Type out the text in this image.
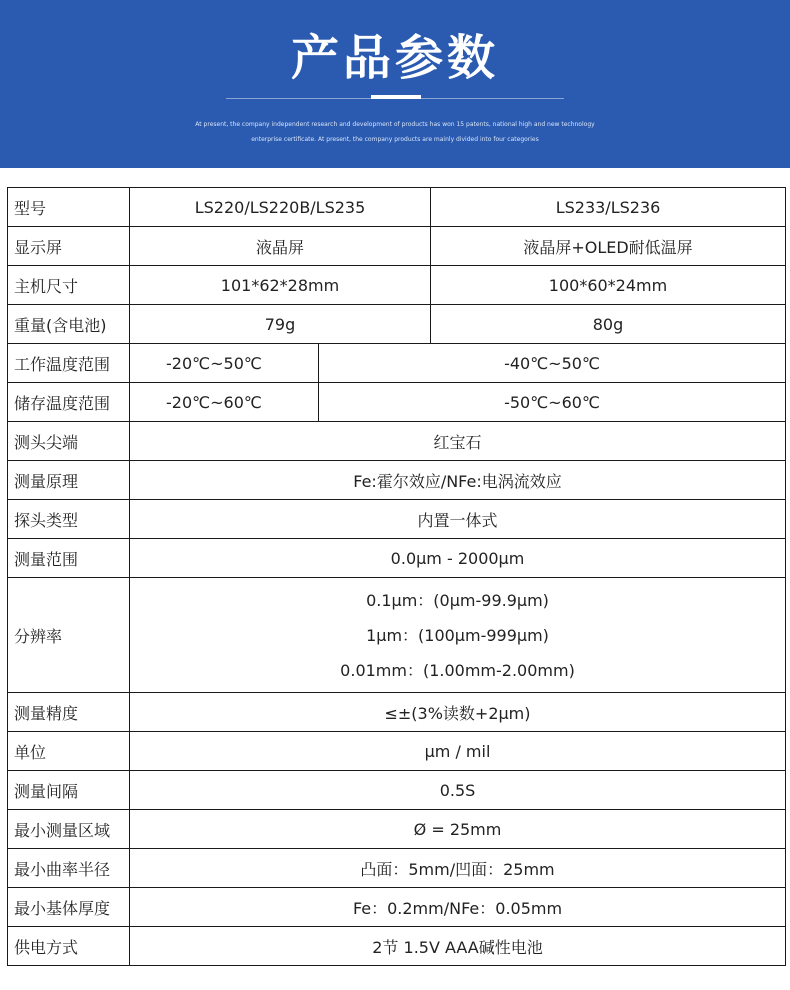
产品参数
At present, the company independent research and development of products has won 15 patents, national high and new technology
enterprise certificate. At present, the company products are mainly divided into four categories
型号	LS220/LS220B/LS235		LS233/LS236
显示屏	液晶屏		液晶屏+OLED耐低温屏
主机尺寸	101*62*28mm		100*60*24mm
重量(含电池)	79g		80g
工作温度范围	-20℃~50℃	-40℃~50℃	
储存温度范围	-20℃~60℃	-50℃~60℃	
测头尖端	红宝石		
测量原理	Fe:霍尔效应/NFe:电涡流效应		
探头类型	内置一体式		
测量范围	0.0μm - 2000μm		
分辨率	0.1μm：(0μm-99.9μm)
1μm：(100μm-999μm)
0.01mm：(1.00mm-2.00mm)		

测量精度	≤±(3%读数+2μm)		
单位	μm / mil		
测量间隔	0.5S		
最小测量区域	Ø = 25mm		
最小曲率半径	凸面：5mm/凹面：25mm		
最小基体厚度	Fe：0.2mm/NFe：0.05mm		
供电方式	2节 1.5V AAA碱性电池		
